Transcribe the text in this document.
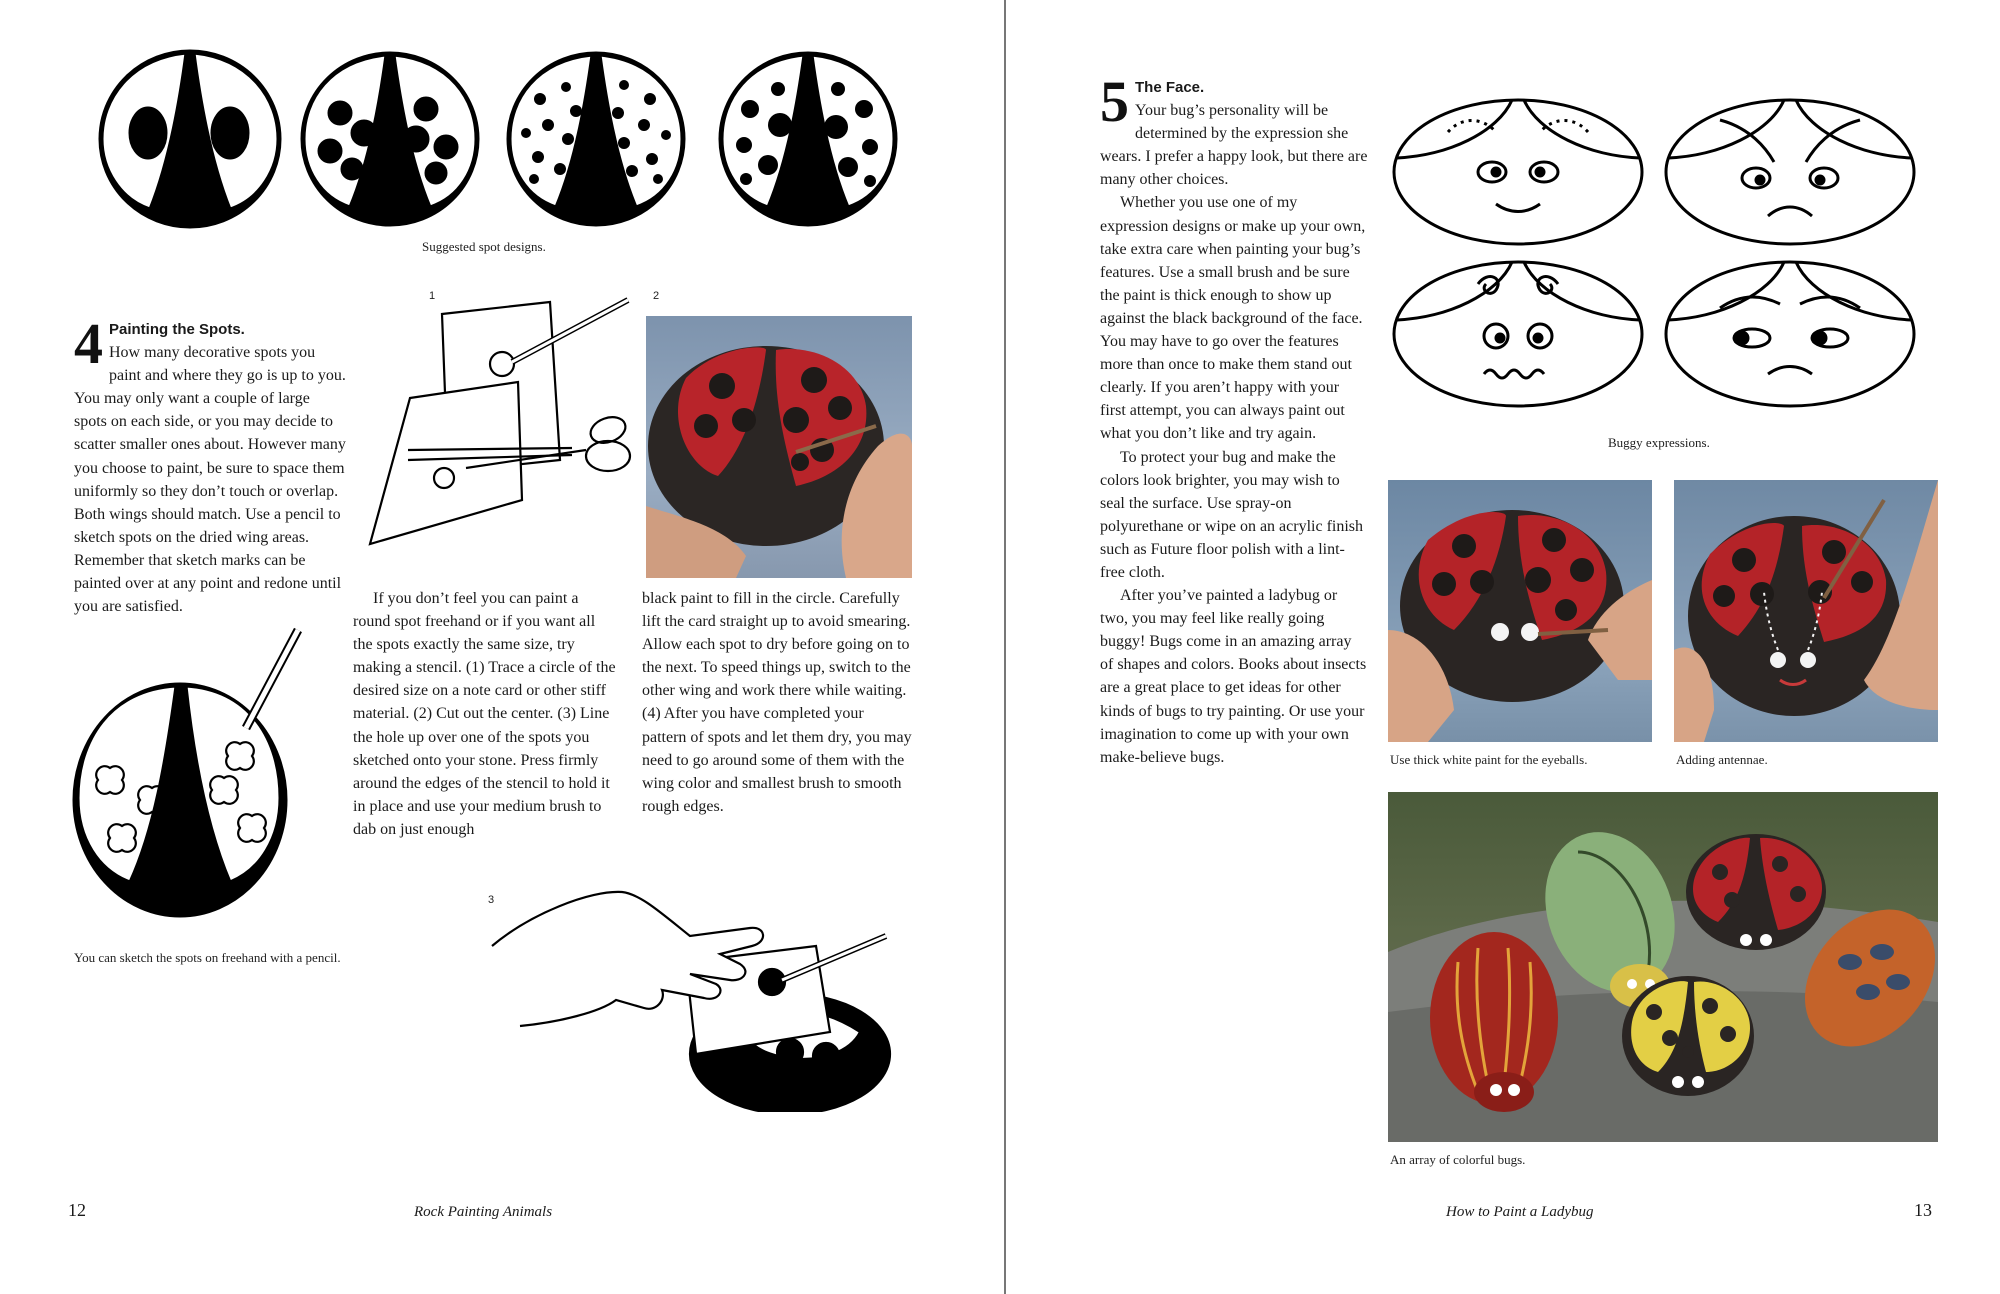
Suggested spot designs.

4 Painting the Spots.
How many decorative spots you paint and where they go is up to you. You may only want a couple of large spots on each side, or you may decide to scatter smaller ones about. However many you choose to paint, be sure to space them uniformly so they don’t touch or overlap. Both wings should match. Use a pencil to sketch spots on the dried wing areas. Remember that sketch marks can be painted over at any point and redone until you are satisfied.

1	2

If you don’t feel you can paint a round spot freehand or if you want all the spots exactly the same size, try making a stencil. (1) Trace a circle of the desired size on a note card or other stiff material. (2) Cut out the center. (3) Line the hole up over one of the spots you sketched onto your stone. Press firmly around the edges of the stencil to hold it in place and use your medium brush to dab on just enough

black paint to fill in the circle. Carefully lift the card straight up to avoid smearing. Allow each spot to dry before going on to the next. To speed things up, switch to the other wing and work there while waiting. (4) After you have completed your pattern of spots and let them dry, you may need to go around some of them with the wing color and smallest brush to smooth rough edges.

You can sketch the spots on freehand with a pencil.
3
12	Rock Painting Animals

5 The Face.
Your bug’s personality will be determined by the expression she wears. I prefer a happy look, but there are many other choices.

Whether you use one of my expression designs or make up your own, take extra care when painting your bug’s features. Use a small brush and be sure the paint is thick enough to show up against the black background of the face. You may have to go over the features more than once to make them stand out clearly. If you aren’t happy with your first attempt, you can always paint out what you don’t like and try again.

To protect your bug and make the colors look brighter, you may wish to seal the surface. Use spray-on polyurethane or wipe on an acrylic finish such as Future floor polish with a lint-free cloth.

After you’ve painted a ladybug or two, you may feel like really going buggy! Bugs come in an amazing array of shapes and colors. Books about insects are a great place to get ideas for other kinds of bugs to try painting. Or use your imagination to come up with your own make-believe bugs.

Buggy expressions.
Use thick white paint for the eyeballs.	Adding antennae.
An array of colorful bugs.
How to Paint a Ladybug	13
